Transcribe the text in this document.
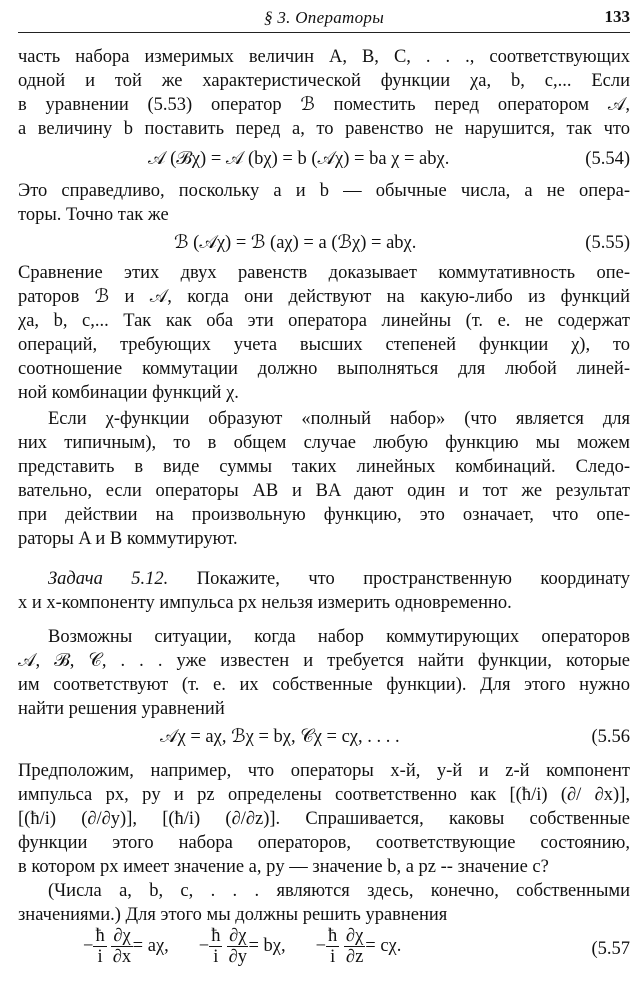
§ 3. Операторы	133
часть набора измеримых величин A, B, C, . . ., соответствующих
одной и той же характеристической функции χa, b, c,... Если
в уравнении (5.53) оператор ℬ поместить перед оператором 𝒜,
а величину b поставить перед a, то равенство не нарушится, так что
𝒜 (ℬχ) = 𝒜 (bχ) = b (𝒜χ) = ba χ = abχ.	(5.54)
Это справедливо, поскольку a и b — обычные числа, а не опера-
торы. Точно так же
ℬ (𝒜χ) = ℬ (aχ) = a (ℬχ) = abχ.	(5.55)
Сравнение этих двух равенств доказывает коммутативность опе-
раторов ℬ и 𝒜, когда они действуют на какую-либо из функций
χa, b, c,... Так как оба эти оператора линейны (т. е. не содержат
операций, требующих учета высших степеней функции χ), то
соотношение коммутации должно выполняться для любой линей-
ной комбинации функций χ.
Если χ-функции образуют «полный набор» (что является для
них типичным), то в общем случае любую функцию мы можем
представить в виде суммы таких линейных комбинаций. Следо-
вательно, если операторы AB и BA дают один и тот же результат
при действии на произвольную функцию, это означает, что опе-
раторы A и B коммутируют.
Задача 5.12. Покажите, что пространственную координату
x и x-компоненту импульса px нельзя измерить одновременно.
Возможны ситуации, когда набор коммутирующих операторов
𝒜, ℬ, 𝒞, . . . уже известен и требуется найти функции, которые
им соответствуют (т. е. их собственные функции). Для этого нужно
найти решения уравнений
𝒜χ = aχ, ℬχ = bχ, 𝒞χ = cχ, . . . .	(5.56
Предположим, например, что операторы x-й, y-й и z-й компонент
импульса px, py и pz определены соответственно как [(ħ/i) (∂/ ∂x)],
[(ħ/i) (∂/∂y)], [(ħ/i) (∂/∂z)]. Спрашивается, каковы собственные
функции этого набора операторов, соответствующие состоянию,
в котором px имеет значение a, py — значение b, а pz -- значение c?
(Числа a, b, c, . . . являются здесь, конечно, собственными
значениями.) Для этого мы должны решить уравнения
− $\frac{ħ}{i}$
$\frac{\partial\chi}{\partial x} = a\chi$, − $\frac{ħ}{i}$
$\frac{\partial\chi}{\partial y} = b\chi$, − $\frac{ħ}{i}$
$\frac{\partial\chi}{\partial z} = c\chi$.	(5.57
